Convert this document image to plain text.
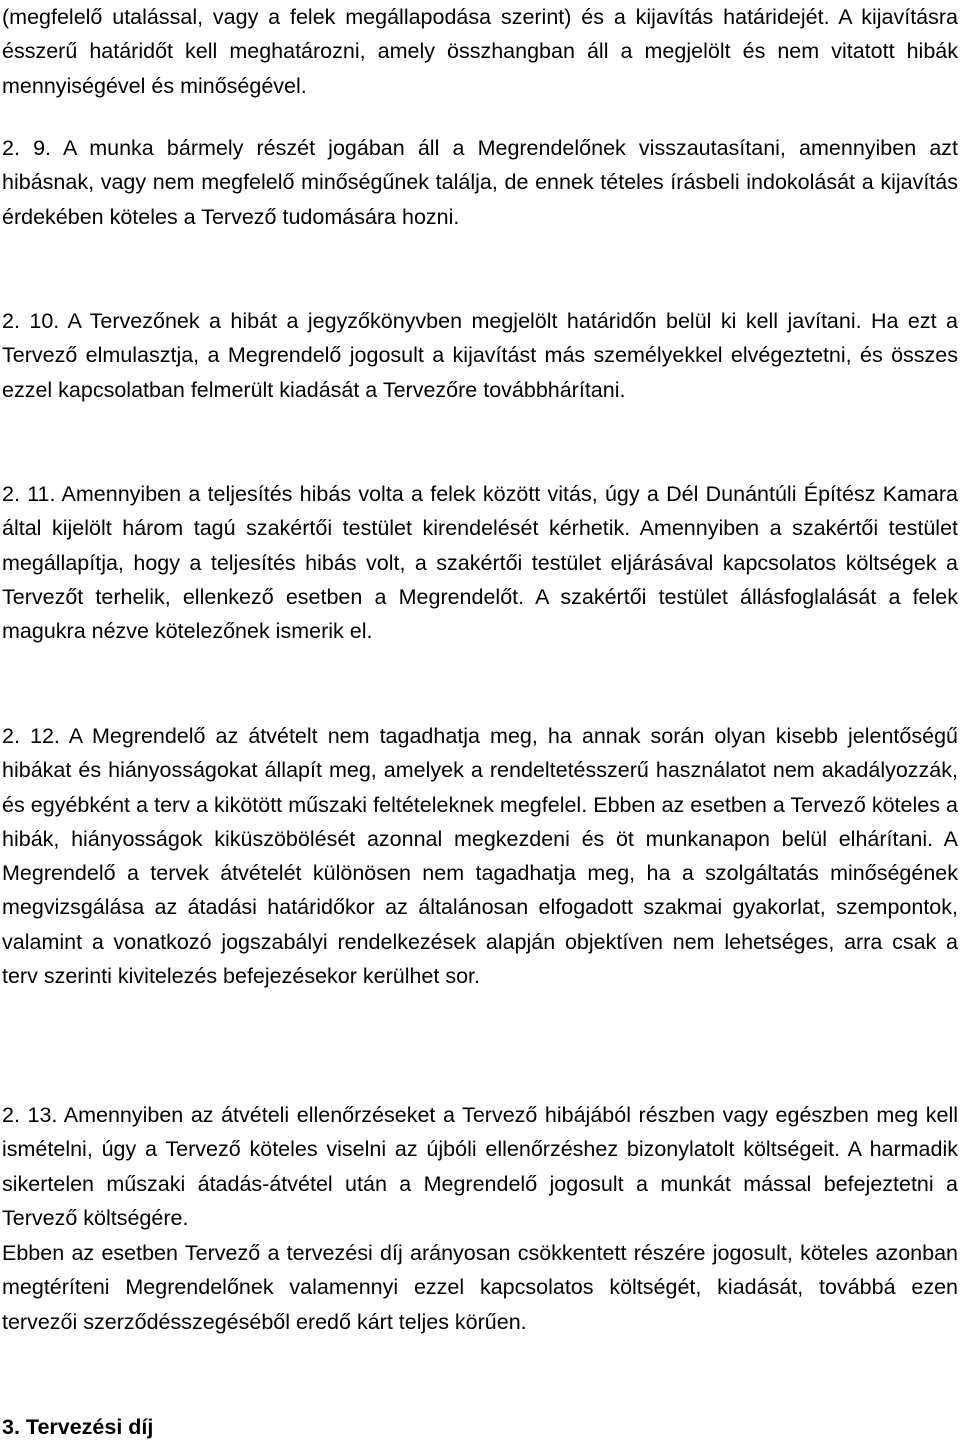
(megfelelő utalással, vagy a felek megállapodása szerint) és a kijavítás határidejét. A kijavításra ésszerű határidőt kell meghatározni, amely összhangban áll a megjelölt és nem vitatott hibák mennyiségével és minőségével.

2. 9. A munka bármely részét jogában áll a Megrendelőnek visszautasítani, amennyiben azt hibásnak, vagy nem megfelelő minőségűnek találja, de ennek tételes írásbeli indokolását a kijavítás érdekében köteles a Tervező tudomására hozni.

2. 10. A Tervezőnek a hibát a jegyzőkönyvben megjelölt határidőn belül ki kell javítani. Ha ezt a Tervező elmulasztja, a Megrendelő jogosult a kijavítást más személyekkel elvégeztetni, és összes ezzel kapcsolatban felmerült kiadását a Tervezőre továbbhárítani.

2. 11. Amennyiben a teljesítés hibás volta a felek között vitás, úgy a Dél Dunántúli Építész Kamara által kijelölt három tagú szakértői testület kirendelését kérhetik. Amennyiben a szakértői testület megállapítja, hogy a teljesítés hibás volt, a szakértői testület eljárásával kapcsolatos költségek a Tervezőt terhelik, ellenkező esetben a Megrendelőt. A szakértői testület állásfoglalását a felek magukra nézve kötelezőnek ismerik el.

2. 12. A Megrendelő az átvételt nem tagadhatja meg, ha annak során olyan kisebb jelentőségű hibákat és hiányosságokat állapít meg, amelyek a rendeltetésszerű használatot nem akadályozzák, és egyébként a terv a kikötött műszaki feltételeknek megfelel. Ebben az esetben a Tervező köteles a hibák, hiányosságok kiküszöbölését azonnal megkezdeni és öt munkanapon belül elhárítani. A Megrendelő a tervek átvételét különösen nem tagadhatja meg, ha a szolgáltatás minőségének megvizsgálása az átadási határidőkor az általánosan elfogadott szakmai gyakorlat, szempontok, valamint a vonatkozó jogszabályi rendelkezések alapján objektíven nem lehetséges, arra csak a terv szerinti kivitelezés befejezésekor kerülhet sor.

2. 13. Amennyiben az átvételi ellenőrzéseket a Tervező hibájából részben vagy egészben meg kell ismételni, úgy a Tervező köteles viselni az újbóli ellenőrzéshez bizonylatolt költségeit. A harmadik sikertelen műszaki átadás-átvétel után a Megrendelő jogosult a munkát mással befejeztetni a Tervező költségére.

Ebben az esetben Tervező a tervezési díj arányosan csökkentett részére jogosult, köteles azonban megtéríteni Megrendelőnek valamennyi ezzel kapcsolatos költségét, kiadását, továbbá ezen tervezői szerződésszegéséből eredő kárt teljes körűen.

3. Tervezési díj
